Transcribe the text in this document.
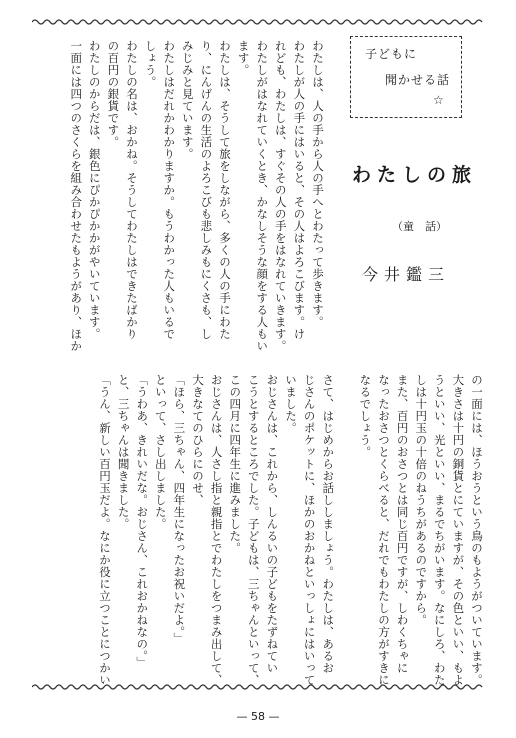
子どもに
聞かせる話
☆
わたしの旅
（童　話）
今井鑑三
わたしは、人の手から人の手へとわたって歩きます。
わたしが人の手にはいると、その人はよろこびます。け
れども、わたしは、すぐその人の手をはなれていきます。
わたしがはなれていくとき、かなしそうな顔をする人もい
ます。
わたしは、そうして旅をしながら、多くの人の手にわた
り、にんげんの生活のよろこびも悲しみもにくさも、し
みじみと見ています。
わたしはだれかわかりますか。もうわかった人もいるで
しょう。
わたしの名は、おかね。そうしてわたしはできたばかり
の百円の銀貨です。
わたしのからだは、銀色にぴかぴかかがやいています。
一面には四つのさくらを組み合わせたもようがあり、ほか
の一面には、ほうおうという鳥のもようがついています。
大きさは十円の銅貨とにていますが、その色といい、もよ
うといい、光といい、まるでちがいます。なにしろ、わた
しは十円玉の十倍のねうちがあるのですから。
また、百円のおさつとは同じ百円ですが、しわくちゃに
なったおさつとくらべると、だれでもわたしの方がすきに
なるでしょう。
さて、はじめからお話ししましょう。わたしは、あるお
じさんのポケットに、ほかのおかねといっしょにはいって
いました。
おじさんは、これから、しんるいの子どもをたずねてい
こうとするところでした。子どもは、三ちゃんといって、
この四月に四年生に進みました。
おじさんは、人さし指と親指とでわたしをつまみ出して、
大きなてのひらにのせ、
「ほら、三ちゃん、四年生になったお祝いだよ。」
といって、さし出しました。
「うわあ、きれいだな。おじさん、これおかねなの。」
と、三ちゃんは聞きました。
「うん、新しい百円玉だよ。なにか役に立つことにつかい
— 58 —
